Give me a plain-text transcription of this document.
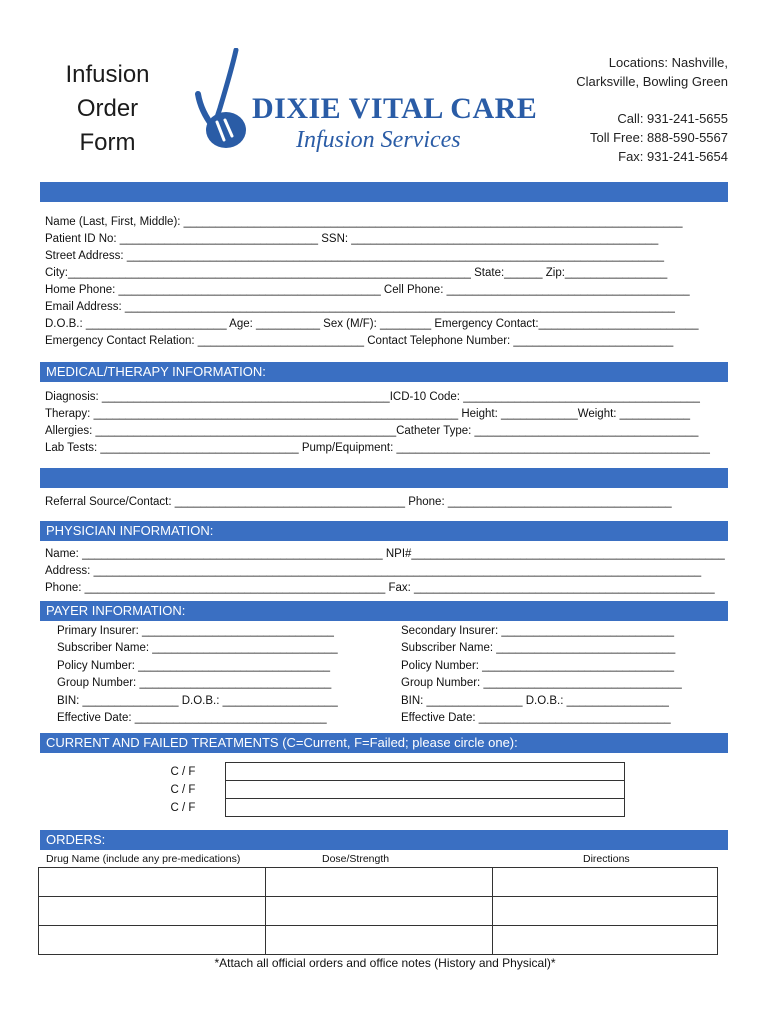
Infusion
Order
Form
DIXIE VITAL CARE
Infusion Services
Locations: Nashville,
Clarksville, Bowling Green
Call: 931-241-5655
Toll Free: 888-590-5567
Fax: 931-241-5654
Name (Last, First, Middle): ______________________________________________________________________________
Patient ID No: _______________________________ SSN: ________________________________________________
Street Address: ____________________________________________________________________________________
City:_______________________________________________________________ State:______ Zip:________________
Home Phone: _________________________________________ Cell Phone: ______________________________________
Email Address: ______________________________________________________________________________________
D.O.B.: ______________________ Age: __________ Sex (M/F): ________ Emergency Contact:_________________________
Emergency Contact Relation: __________________________ Contact Telephone Number: _________________________
MEDICAL/THERAPY INFORMATION:
Diagnosis: _____________________________________________ICD-10 Code: _____________________________________
Therapy: _________________________________________________________ Height: ____________Weight: ___________
Allergies: _______________________________________________Catheter Type: ___________________________________
Lab Tests: _______________________________ Pump/Equipment: _________________________________________________
Referral Source/Contact: ____________________________________ Phone: ___________________________________
PHYSICIAN INFORMATION:
Name: _______________________________________________ NPI#_________________________________________________
Address: _______________________________________________________________________________________________
Phone: _______________________________________________ Fax: _______________________________________________
PAYER INFORMATION:
Primary Insurer: ______________________________
Subscriber Name: _____________________________
Policy Number: ______________________________
Group Number: ______________________________
BIN: _______________ D.O.B.: __________________
Effective Date: ______________________________
Secondary Insurer: ___________________________
Subscriber Name: ____________________________
Policy Number: ______________________________
Group Number: _______________________________
BIN: _______________ D.O.B.: ________________
Effective Date: ______________________________
CURRENT AND FAILED TREATMENTS (C=Current, F=Failed; please circle one):
C / F	
C / F	
C / F	
ORDERS:
Drug Name (include any pre-medications)	Dose/Strength	Directions

*Attach all official orders and office notes (History and Physical)*
